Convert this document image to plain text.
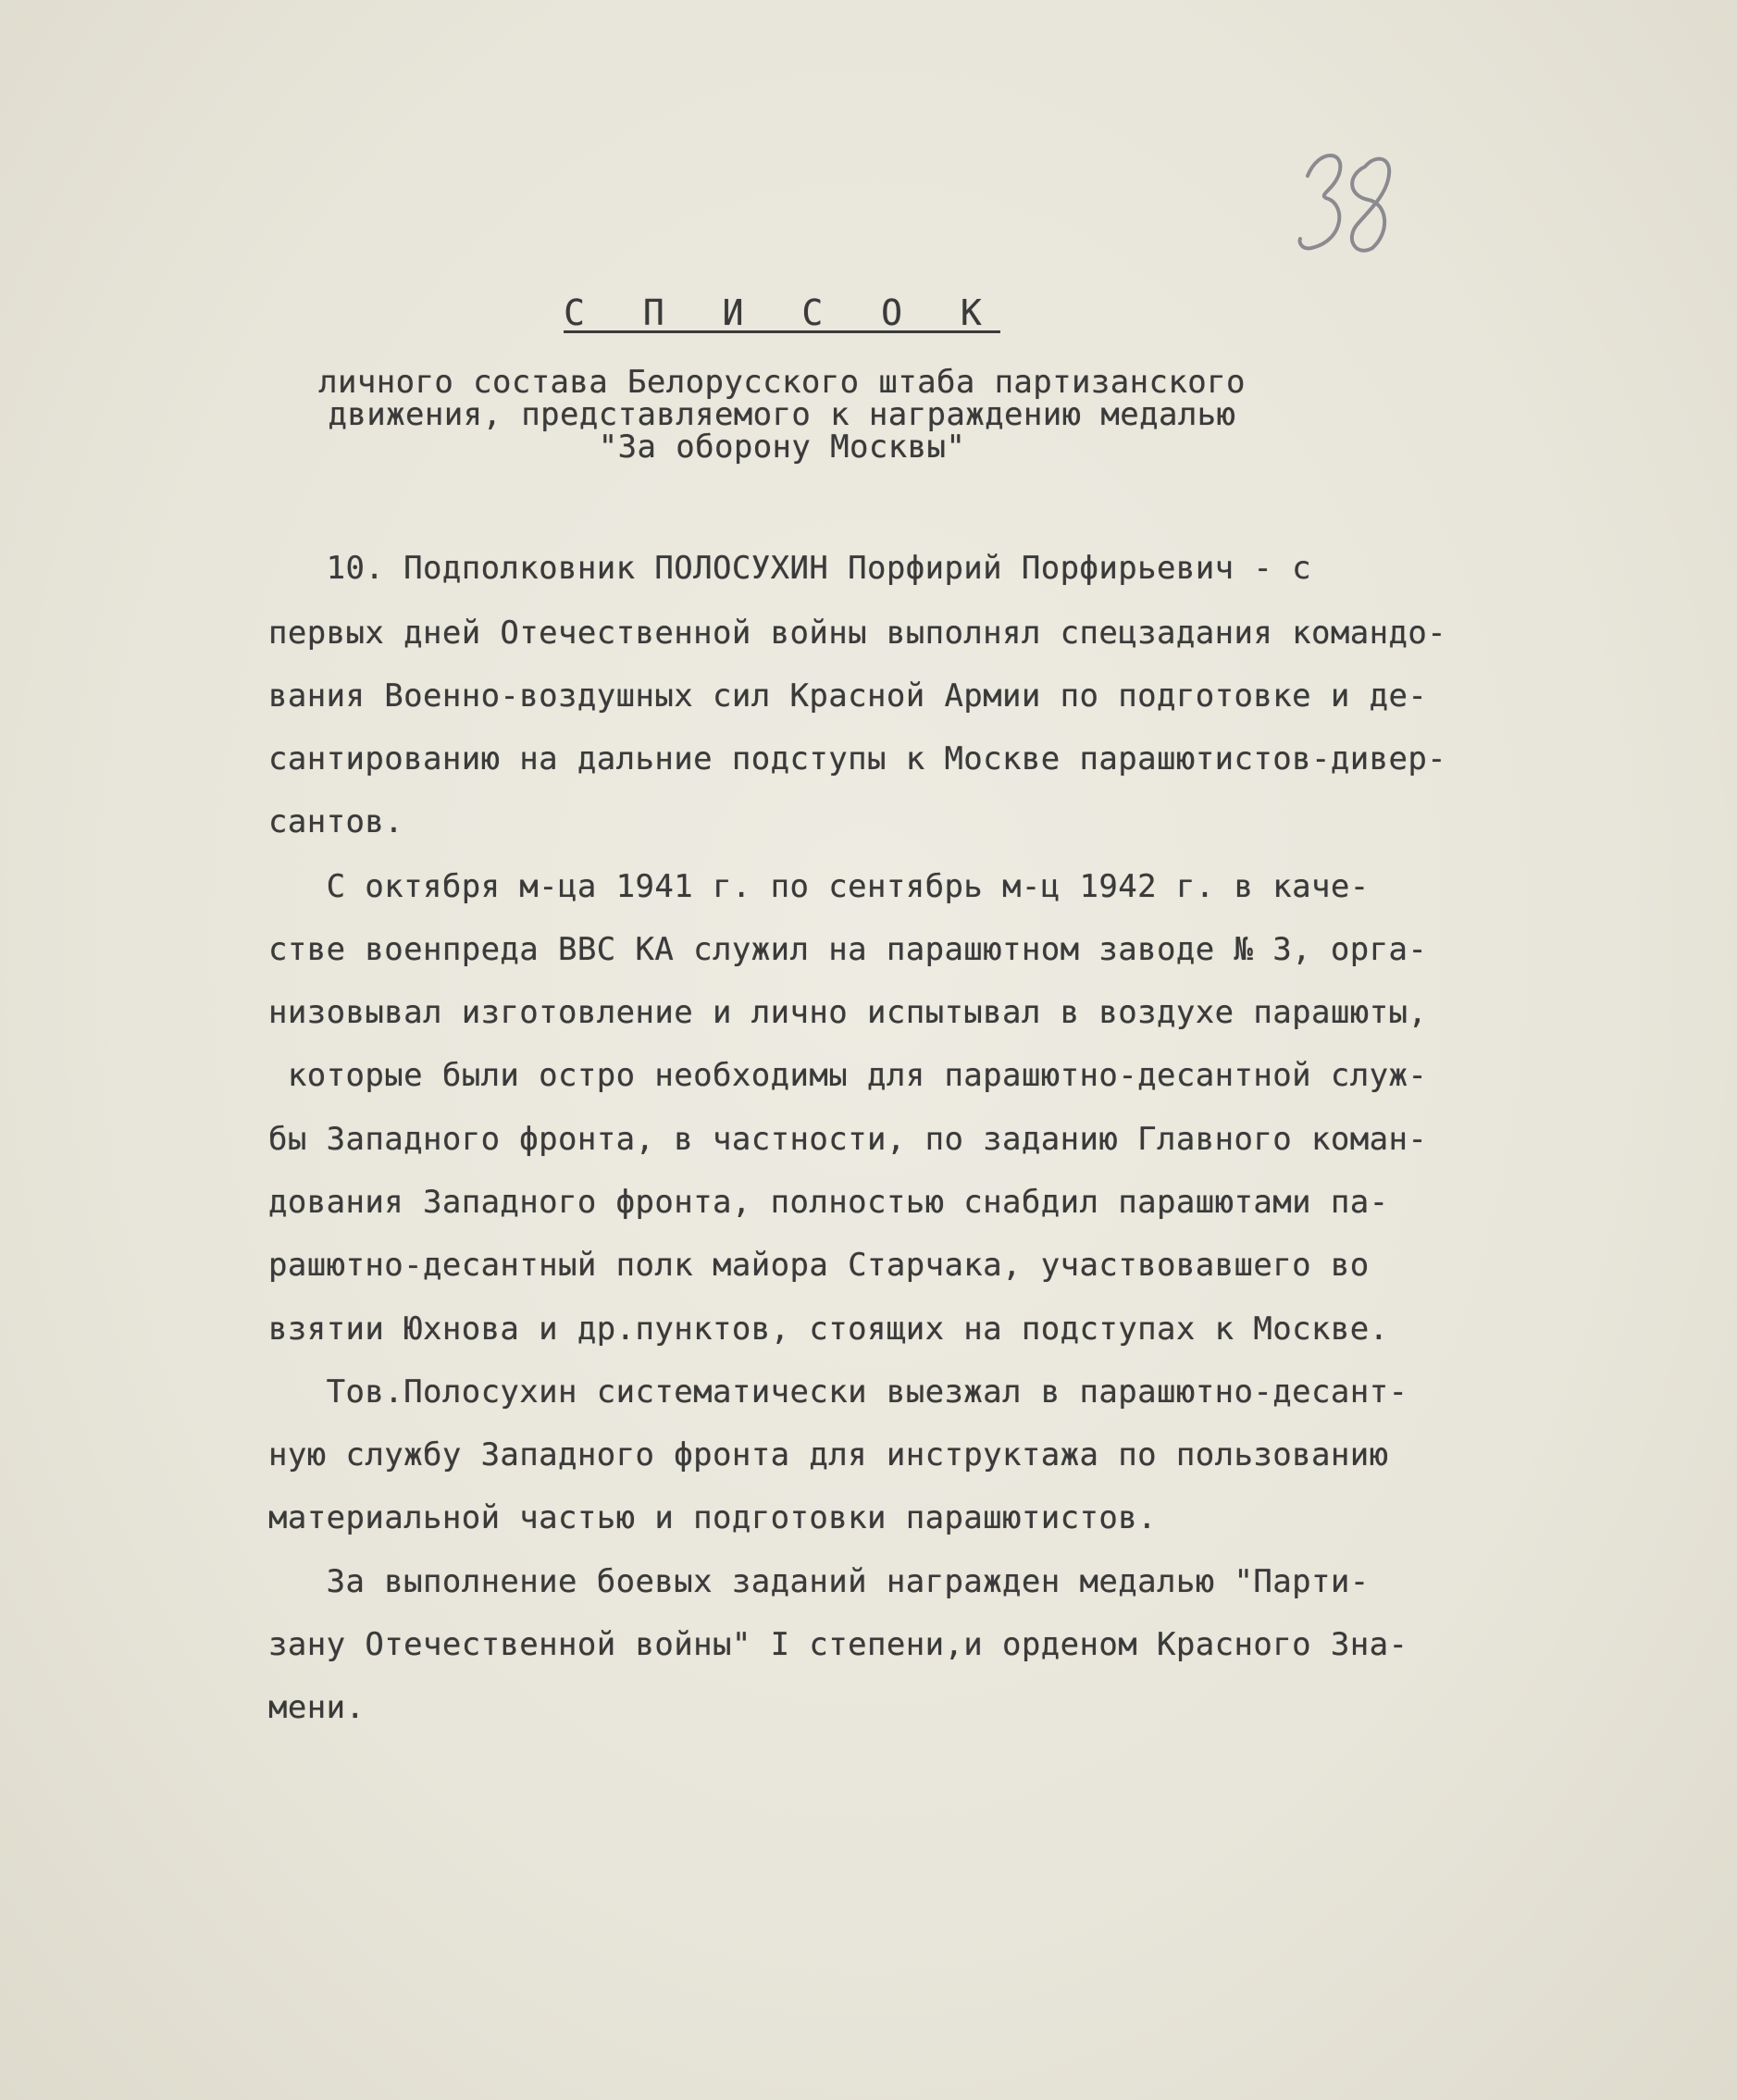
С П И С О К
личного состава Белорусского штаба партизанского
движения, представляемого к награждению медалью
"За оборону Москвы"
10. Подполковник ПОЛОСУХИН Порфирий Порфирьевич - с
первых дней Отечественной войны выполнял спецзадания командо-
вания Военно-воздушных сил Красной Армии по подготовке и де-
сантированию на дальние подступы к Москве парашютистов-дивер-
сантов.
С октября м-ца 1941 г. по сентябрь м-ц 1942 г. в каче-
стве военпреда ВВС КА служил на парашютном заводе № 3, орга-
низовывал изготовление и лично испытывал в воздухе парашюты,
которые были остро необходимы для парашютно-десантной служ-
бы Западного фронта, в частности, по заданию Главного коман-
дования Западного фронта, полностью снабдил парашютами па-
рашютно-десантный полк майора Старчака, участвовавшего во
взятии Юхнова и др.пунктов, стоящих на подступах к Москве.
Тов.Полосухин систематически выезжал в парашютно-десант-
ную службу Западного фронта для инструктажа по пользованию
материальной частью и подготовки парашютистов.
За выполнение боевых заданий награжден медалью "Парти-
зану Отечественной войны" I степени,и орденом Красного Зна-
мени.
